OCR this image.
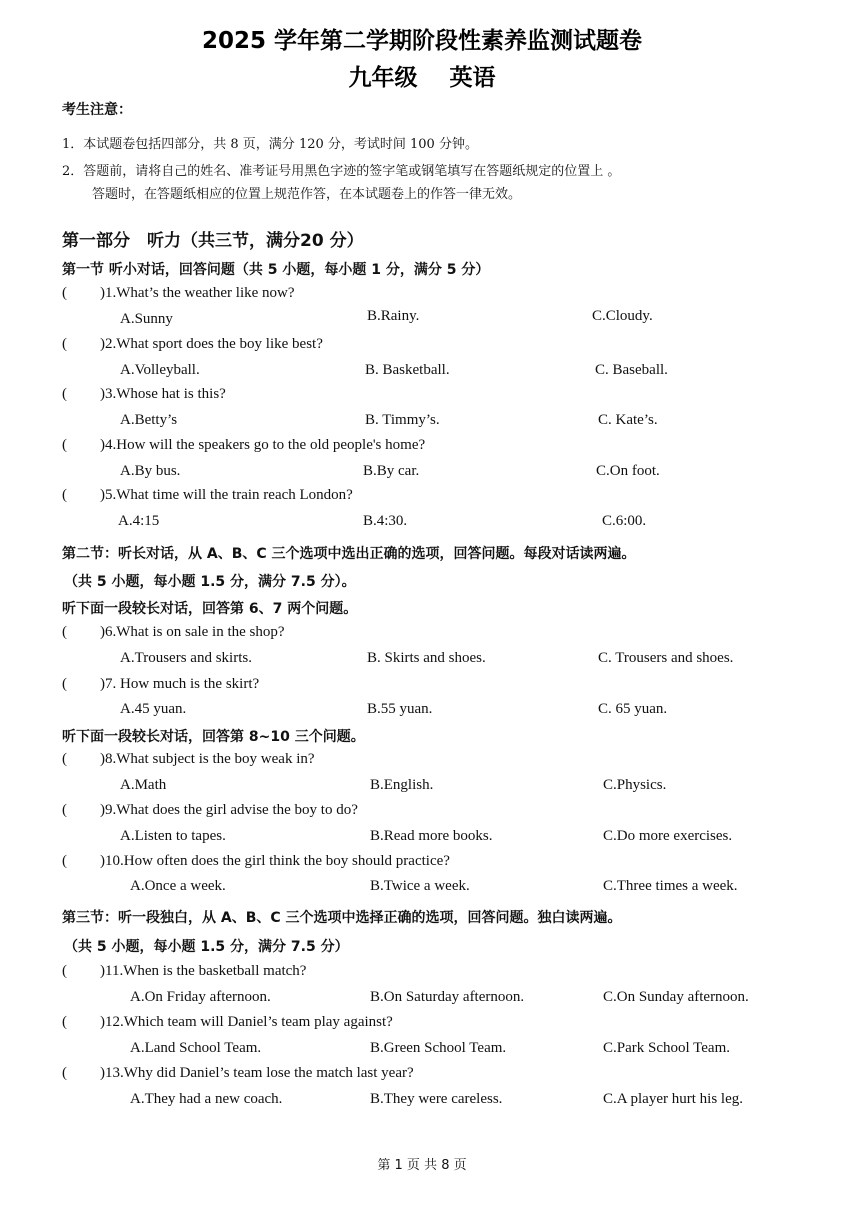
2025 学年第二学期阶段性素养监测试题卷
九年级 英语
考生注意：
1．本试题卷包括四部分，共 8 页，满分 120 分，考试时间 100 分钟。
2．答题前，请将自己的姓名、准考证号用黑色字迹的签字笔或钢笔填写在答题纸规定的位置上 。
答题时，在答题纸相应的位置上规范作答，在本试题卷上的作答一律无效。
第一部分　听力（共三节，满分20 分）
第一节 听小对话，回答问题（共 5 小题，每小题 1 分，满分 5 分）
( )1.What’s the weather like now?
A.Sunny	B.Rainy.	C.Cloudy.
( )2.What sport does the boy like best?
A.Volleyball.	B. Basketball.	C. Baseball.
( )3.Whose hat is this?
A.Betty’s	B. Timmy’s.	C. Kate’s.
( )4.How will the speakers go to the old people's home?
A.By bus.	B.By car.	C.On foot.
( )5.What time will the train reach London?
A.4:15	B.4:30.	C.6:00.
第二节：听长对话，从 A、B、C 三个选项中选出正确的选项，回答问题。每段对话读两遍。
（共 5 小题，每小题 1.5 分，满分 7.5 分）。
听下面一段较长对话，回答第 6、7 两个问题。
( )6.What is on sale in the shop?
A.Trousers and skirts.	B. Skirts and shoes.	C. Trousers and shoes.
( )7. How much is the skirt?
A.45 yuan.	B.55 yuan.	C. 65 yuan.
听下面一段较长对话，回答第 8~10 三个问题。
( )8.What subject is the boy weak in?
A.Math	B.English.	C.Physics.
( )9.What does the girl advise the boy to do?
A.Listen to tapes.	B.Read more books.	C.Do more exercises.
( )10.How often does the girl think the boy should practice?
A.Once a week.	B.Twice a week.	C.Three times a week.
第三节：听一段独白，从 A、B、C 三个选项中选择正确的选项，回答问题。独白读两遍。
（共 5 小题，每小题 1.5 分，满分 7.5 分）
( )11.When is the basketball match?
A.On Friday afternoon.	B.On Saturday afternoon.	C.On Sunday afternoon.
( )12.Which team will Daniel’s team play against?
A.Land School Team.	B.Green School Team.	C.Park School Team.
( )13.Why did Daniel’s team lose the match last year?
A.They had a new coach.	B.They were careless.	C.A player hurt his leg.
第 1 页 共 8 页
